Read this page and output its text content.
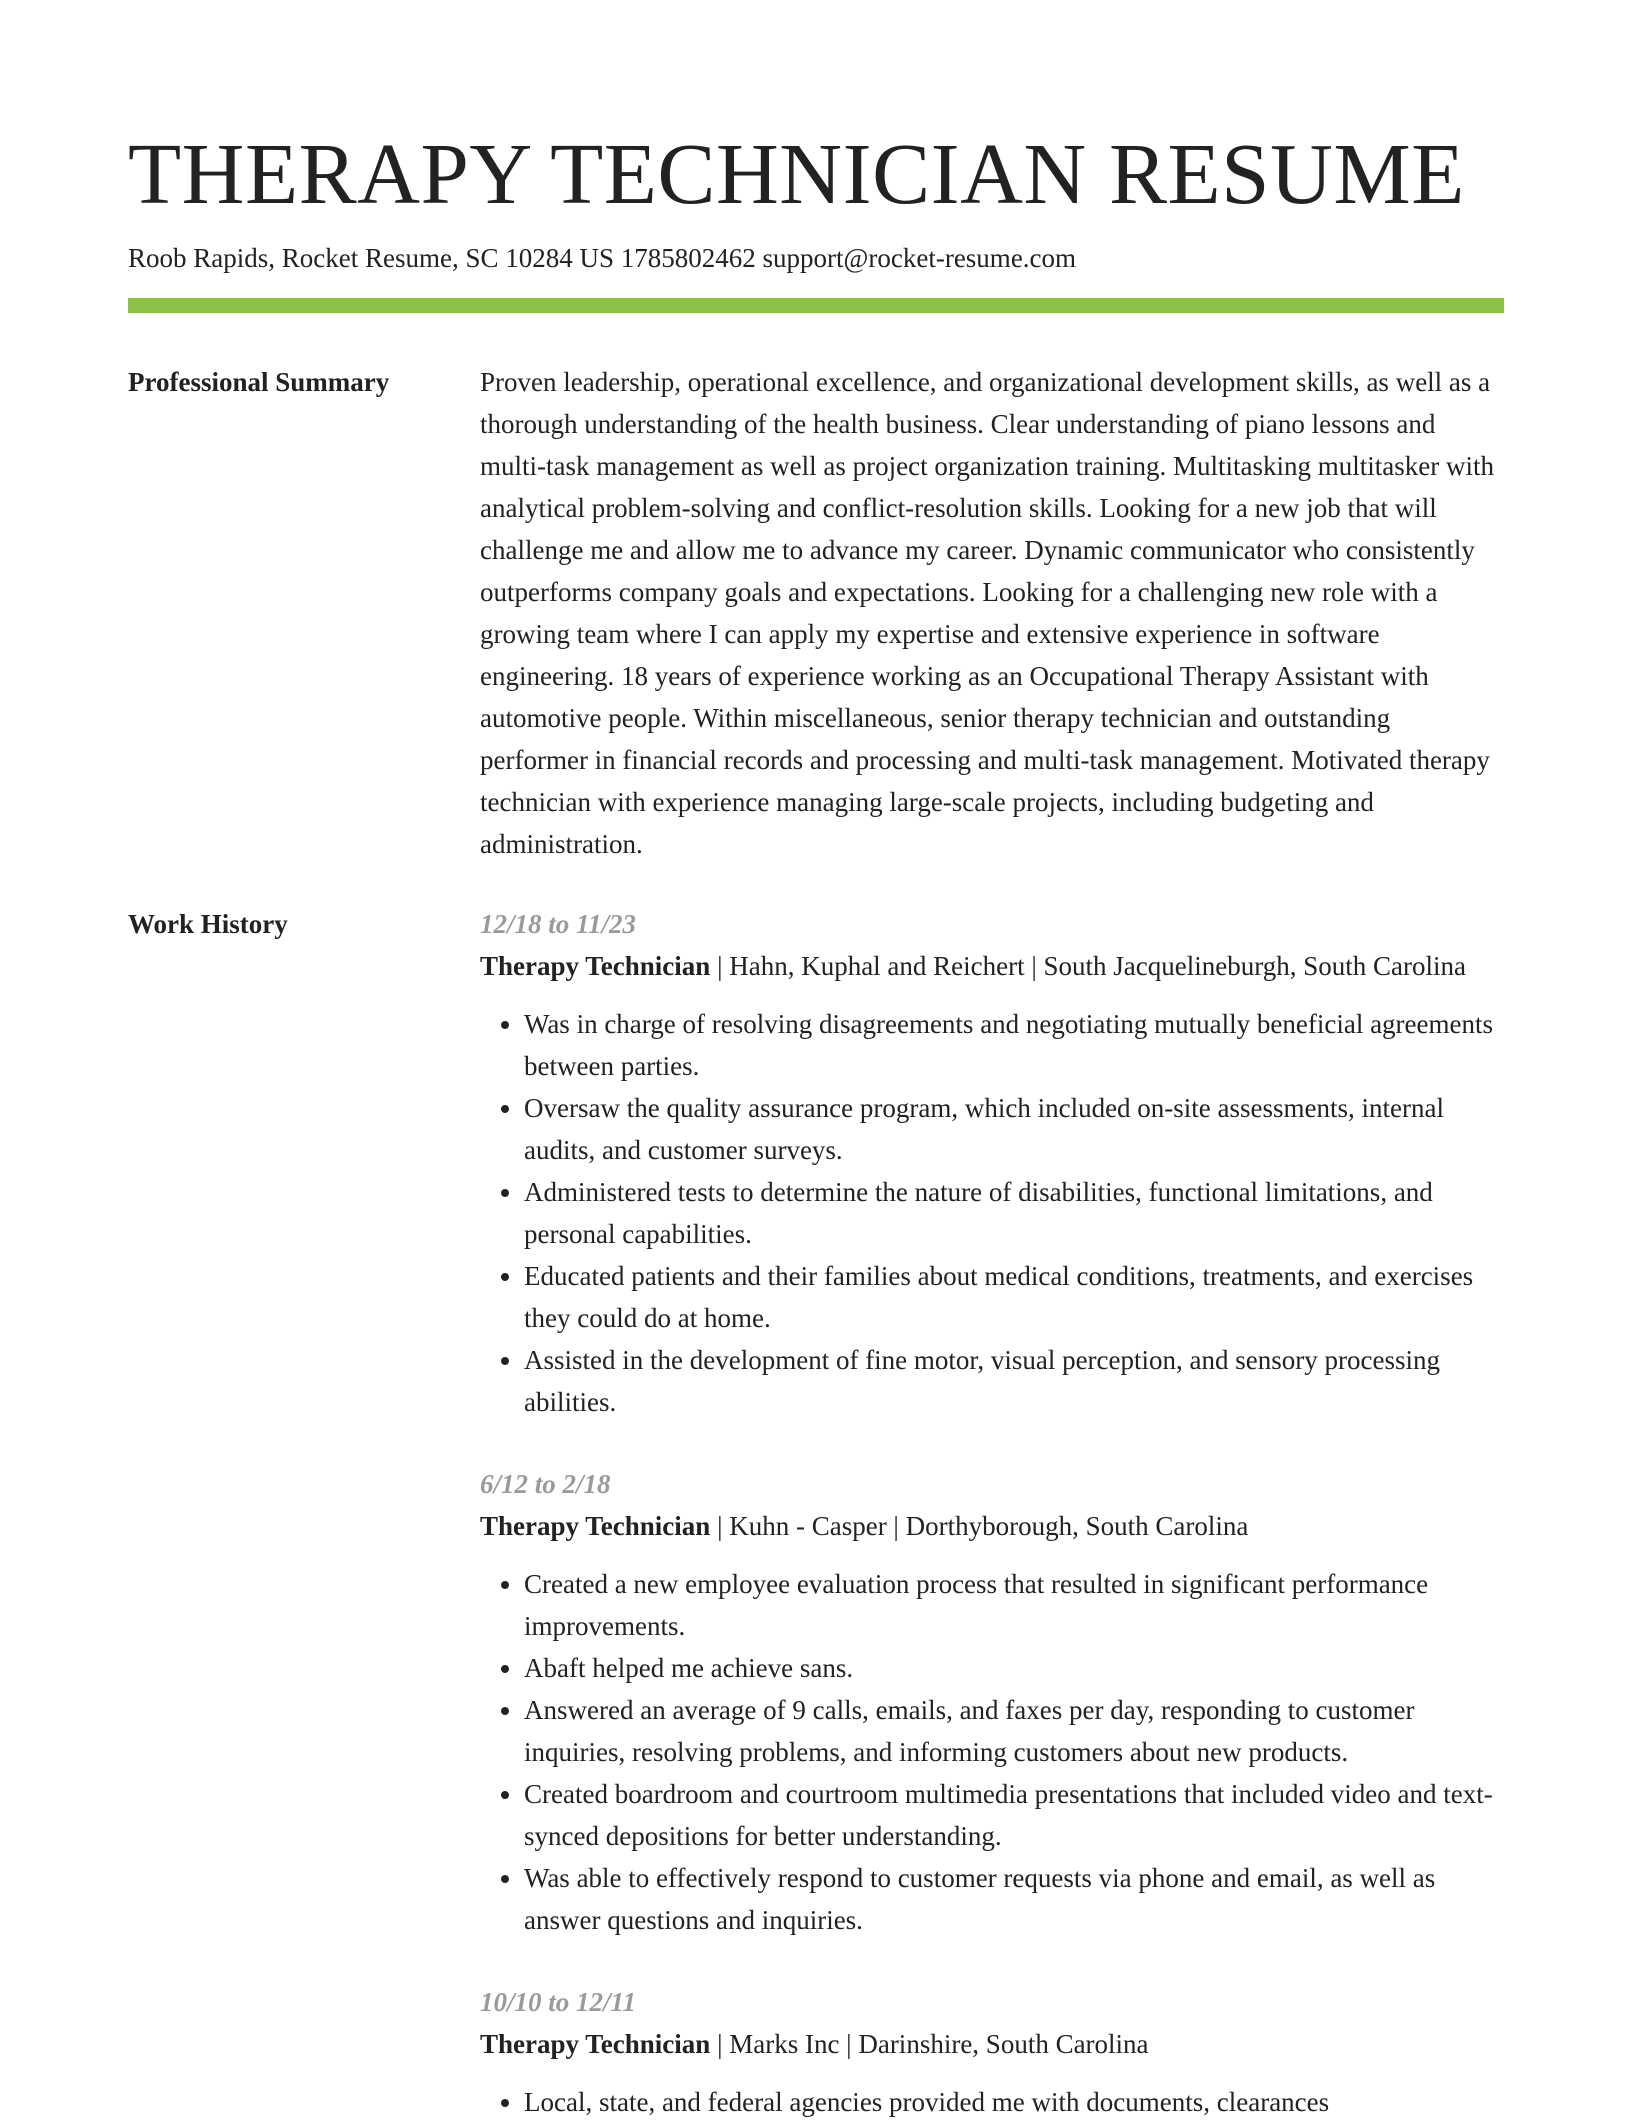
THERAPY TECHNICIAN RESUME
Roob Rapids, Rocket Resume, SC 10284 US 1785802462 support@rocket-resume.com
Professional Summary	Proven leadership, operational excellence, and organizational development skills, as well as a thorough understanding of the health business. Clear understanding of piano lessons and multi-task management as well as project organization training. Multitasking multitasker with analytical problem-solving and conflict-resolution skills. Looking for a new job that will challenge me and allow me to advance my career. Dynamic communicator who consistently outperforms company goals and expectations. Looking for a challenging new role with a growing team where I can apply my expertise and extensive experience in software engineering. 18 years of experience working as an Occupational Therapy Assistant with automotive people. Within miscellaneous, senior therapy technician and outstanding performer in financial records and processing and multi-task management. Motivated therapy technician with experience managing large-scale projects, including budgeting and administration.

Work History	12/18 to 11/23
Therapy Technician | Hahn, Kuphal and Reichert | South Jacquelineburgh, South Carolina
• Was in charge of resolving disagreements and negotiating mutually beneficial agreements between parties.
• Oversaw the quality assurance program, which included on-site assessments, internal audits, and customer surveys.
• Administered tests to determine the nature of disabilities, functional limitations, and personal capabilities.
• Educated patients and their families about medical conditions, treatments, and exercises they could do at home.
• Assisted in the development of fine motor, visual perception, and sensory processing abilities.
6/12 to 2/18
Therapy Technician | Kuhn - Casper | Dorthyborough, South Carolina
• Created a new employee evaluation process that resulted in significant performance improvements.
• Abaft helped me achieve sans.
• Answered an average of 9 calls, emails, and faxes per day, responding to customer inquiries, resolving problems, and informing customers about new products.
• Created boardroom and courtroom multimedia presentations that included video and text-synced depositions for better understanding.
• Was able to effectively respond to customer requests via phone and email, as well as answer questions and inquiries.
10/10 to 12/11
Therapy Technician | Marks Inc | Darinshire, South Carolina
• Local, state, and federal agencies provided me with documents, clearances
